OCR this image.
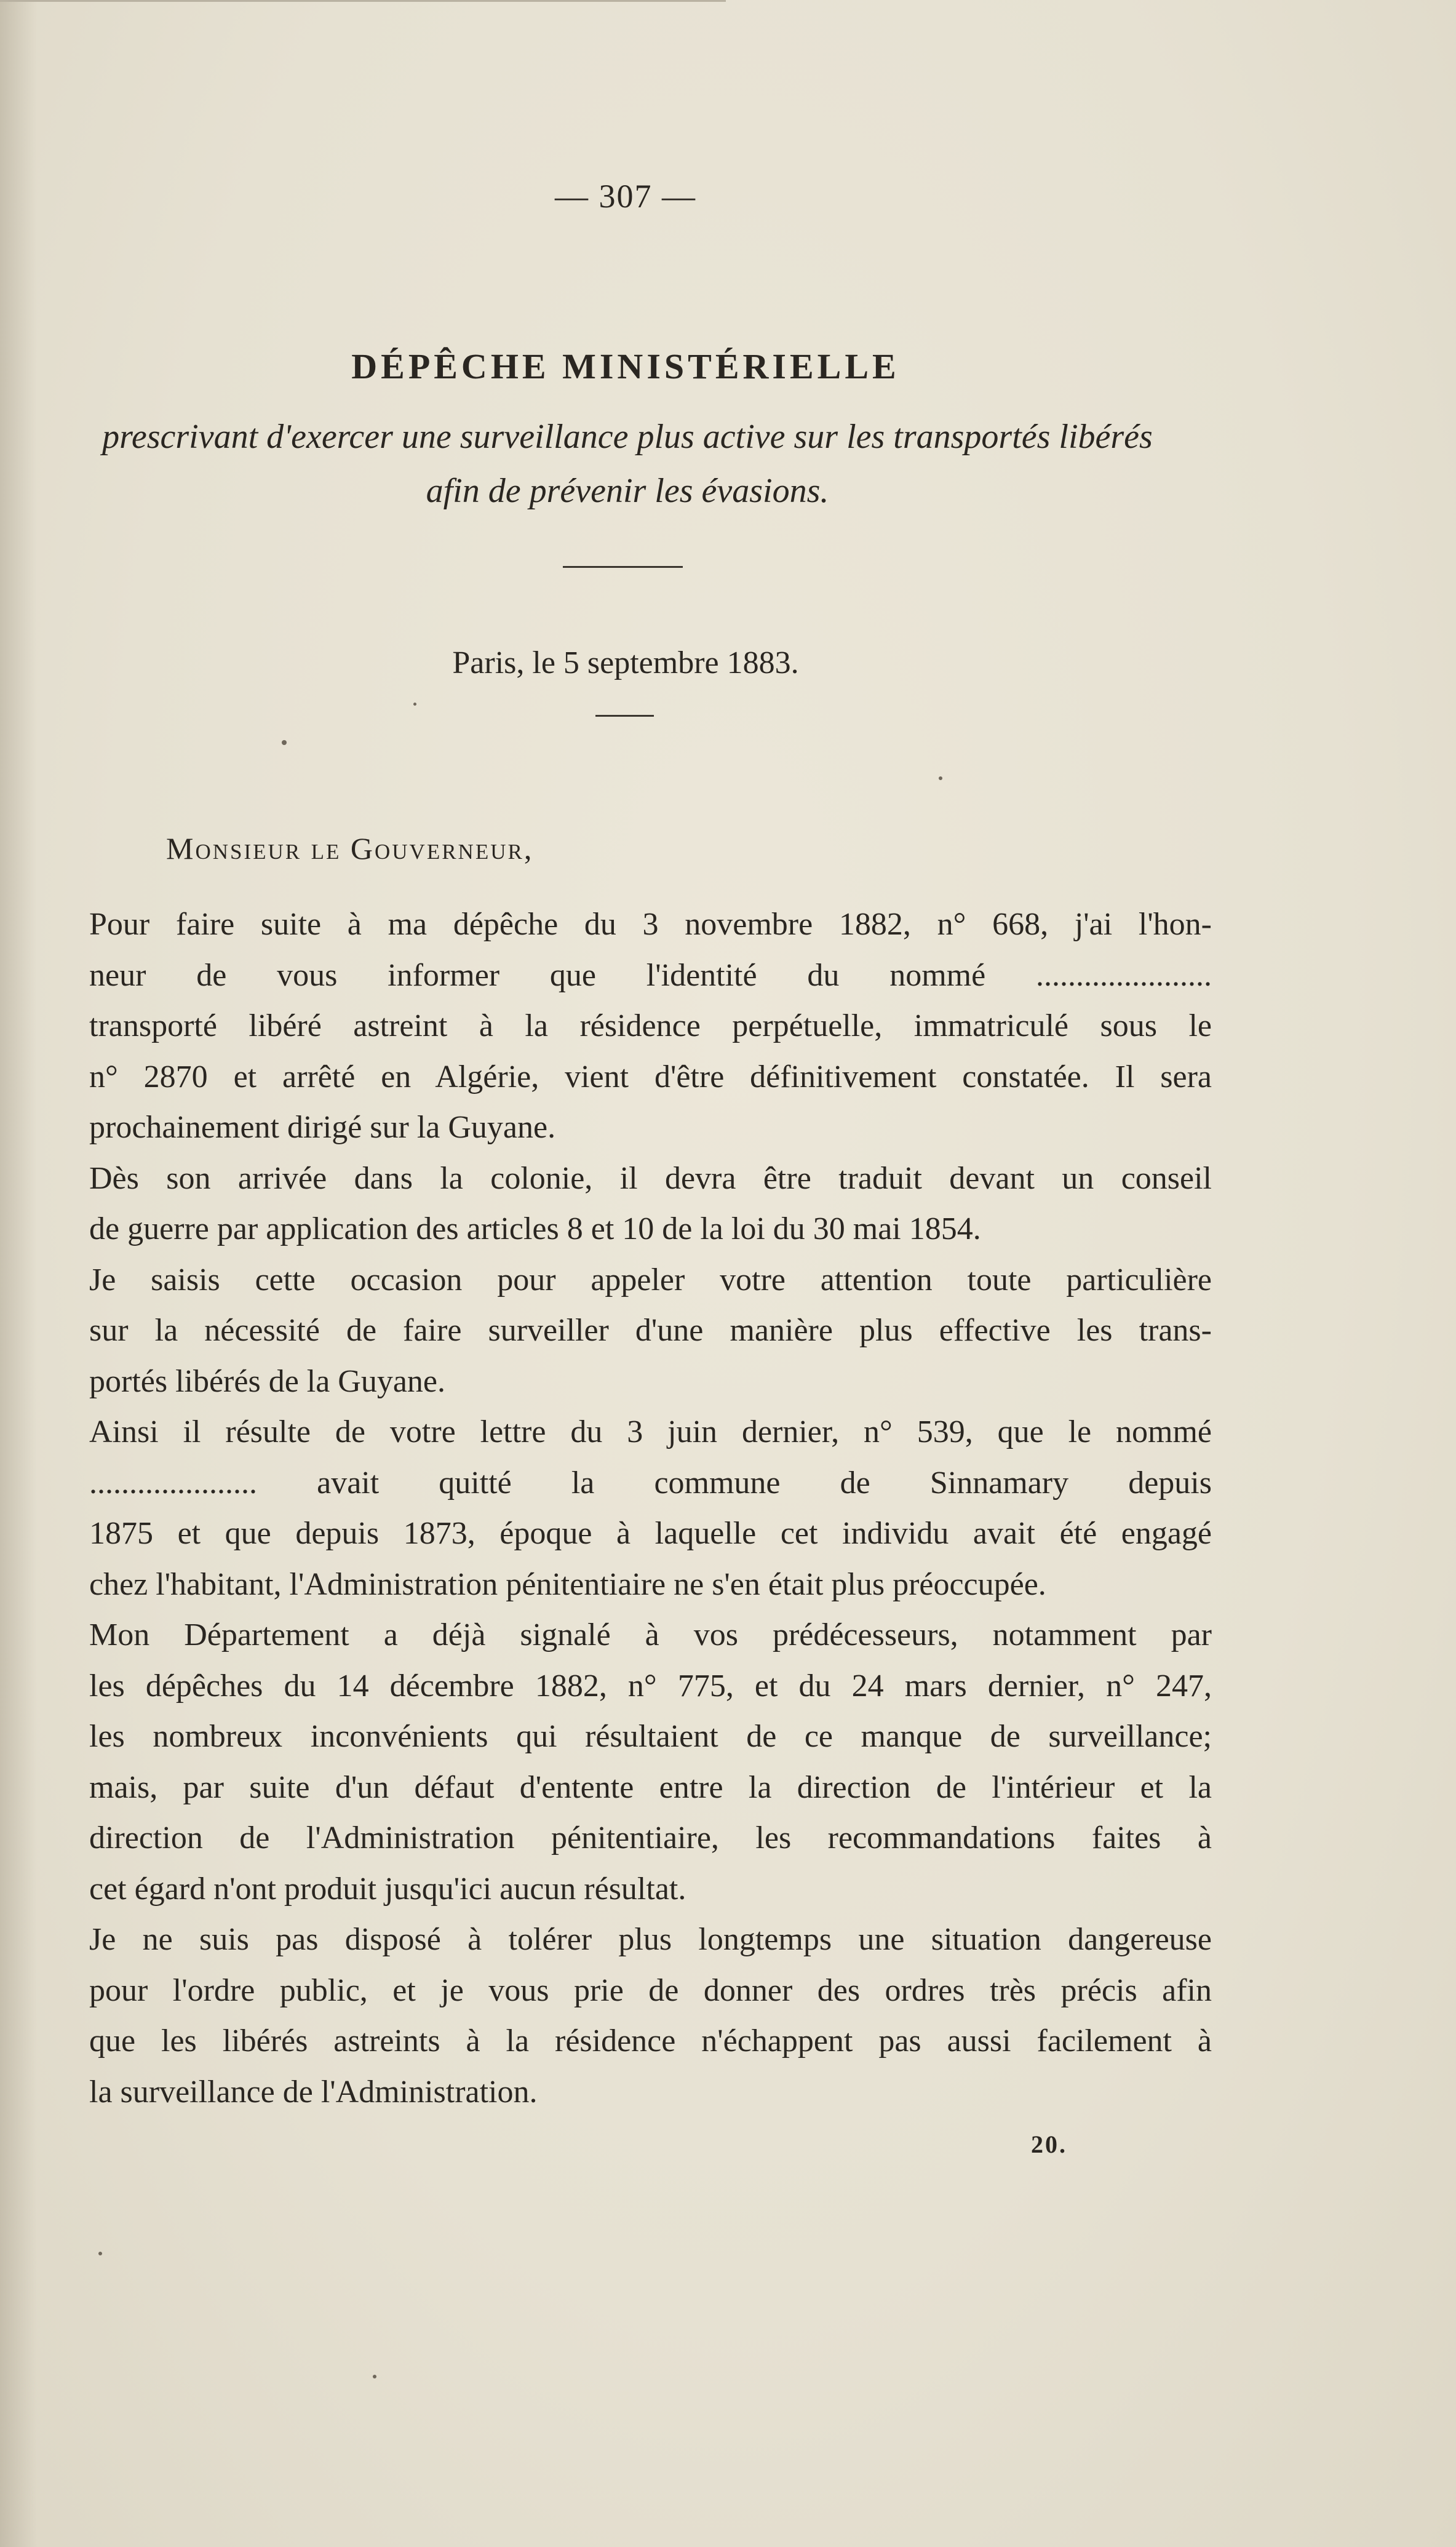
— 307 —
DÉPÊCHE MINISTÉRIELLE
prescrivant d'exercer une surveillance plus active sur les transportés libérés
afin de prévenir les évasions.
Paris, le 5 septembre 1883.
Monsieur le Gouverneur,
Pour faire suite à ma dépêche du 3 novembre 1882, n° 668, j'ai l'hon-
neur de vous informer que l'identité du nommé ......................
transporté libéré astreint à la résidence perpétuelle, immatriculé sous le
n° 2870 et arrêté en Algérie, vient d'être définitivement constatée. Il sera
prochainement dirigé sur la Guyane.
Dès son arrivée dans la colonie, il devra être traduit devant un conseil
de guerre par application des articles 8 et 10 de la loi du 30 mai 1854.
Je saisis cette occasion pour appeler votre attention toute particulière
sur la nécessité de faire surveiller d'une manière plus effective les trans-
portés libérés de la Guyane.
Ainsi il résulte de votre lettre du 3 juin dernier, n° 539, que le nommé
..................... avait quitté la commune de Sinnamary depuis
1875 et que depuis 1873, époque à laquelle cet individu avait été engagé
chez l'habitant, l'Administration pénitentiaire ne s'en était plus préoccupée.
Mon Département a déjà signalé à vos prédécesseurs, notamment par
les dépêches du 14 décembre 1882, n° 775, et du 24 mars dernier, n° 247,
les nombreux inconvénients qui résultaient de ce manque de surveillance;
mais, par suite d'un défaut d'entente entre la direction de l'intérieur et la
direction de l'Administration pénitentiaire, les recommandations faites à
cet égard n'ont produit jusqu'ici aucun résultat.
Je ne suis pas disposé à tolérer plus longtemps une situation dangereuse
pour l'ordre public, et je vous prie de donner des ordres très précis afin
que les libérés astreints à la résidence n'échappent pas aussi facilement à
la surveillance de l'Administration.
20.
